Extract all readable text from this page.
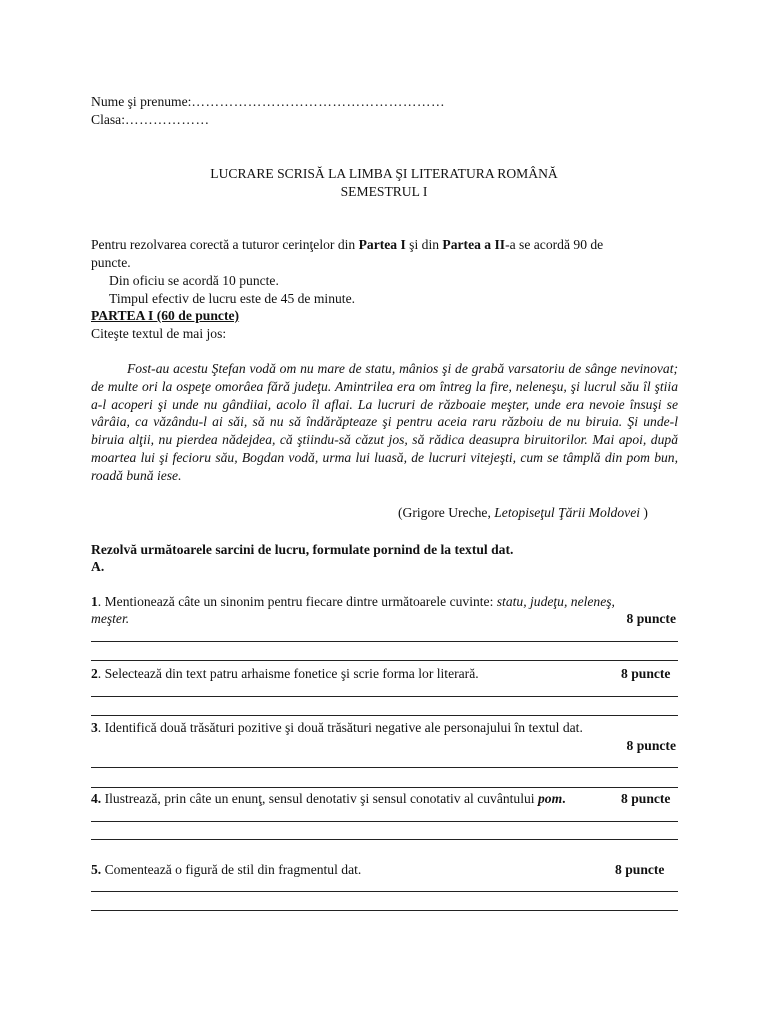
Nume şi prenume:………………………………………………
Clasa:………………
LUCRARE SCRISĂ LA LIMBA ŞI LITERATURA ROMÂNĂ
SEMESTRUL I
Pentru rezolvarea corectă a tuturor cerinţelor din Partea I şi din Partea a II-a se acordă 90 de
puncte.
Din oficiu se acordă 10 puncte.
Timpul efectiv de lucru este de 45 de minute.
PARTEA I (60 de puncte)
Citeşte textul de mai jos:
Fost-au acestu Ştefan vodă om nu mare de statu, mânios şi de grabă varsatoriu de sânge nevinovat; de multe ori la ospeţe omorâea fără judeţu. Amintrilea era om întreg la fire, neleneşu, şi lucrul său îl ştiia a-l acoperi şi unde nu gândiiai, acolo îl aflai. La lucruri de războaie meşter, unde era nevoie însuşi se vârâia, ca văzându-l ai săi, să nu să îndărăpteaze şi pentru aceia raru războiu de nu biruia. Şi unde-l biruia alţii, nu pierdea nădejdea, că ştiindu-să căzut jos, să rădica deasupra biruitorilor. Mai apoi, după moartea lui şi fecioru său, Bogdan vodă, urma lui luasă, de lucruri vitejeşti, cum se tâmplă din pom bun, roadă bună iese.
(Grigore Ureche, Letopiseţul Ţării Moldovei )
Rezolvă următoarele sarcini de lucru, formulate pornind de la textul dat.
A.
1. Mentionează câte un sinonim pentru fiecare dintre următoarele cuvinte: statu, judeţu, neleneş,
meşter.	8 puncte
2. Selectează din text patru arhaisme fonetice şi scrie forma lor literară.	8 puncte
3. Identifică două trăsături pozitive şi două trăsături negative ale personajului în textul dat.
8 puncte
4. Ilustrează, prin câte un enunţ, sensul denotativ şi sensul conotativ al cuvântului pom.	8 puncte
5. Comentează o figură de stil din fragmentul dat.	8 puncte
